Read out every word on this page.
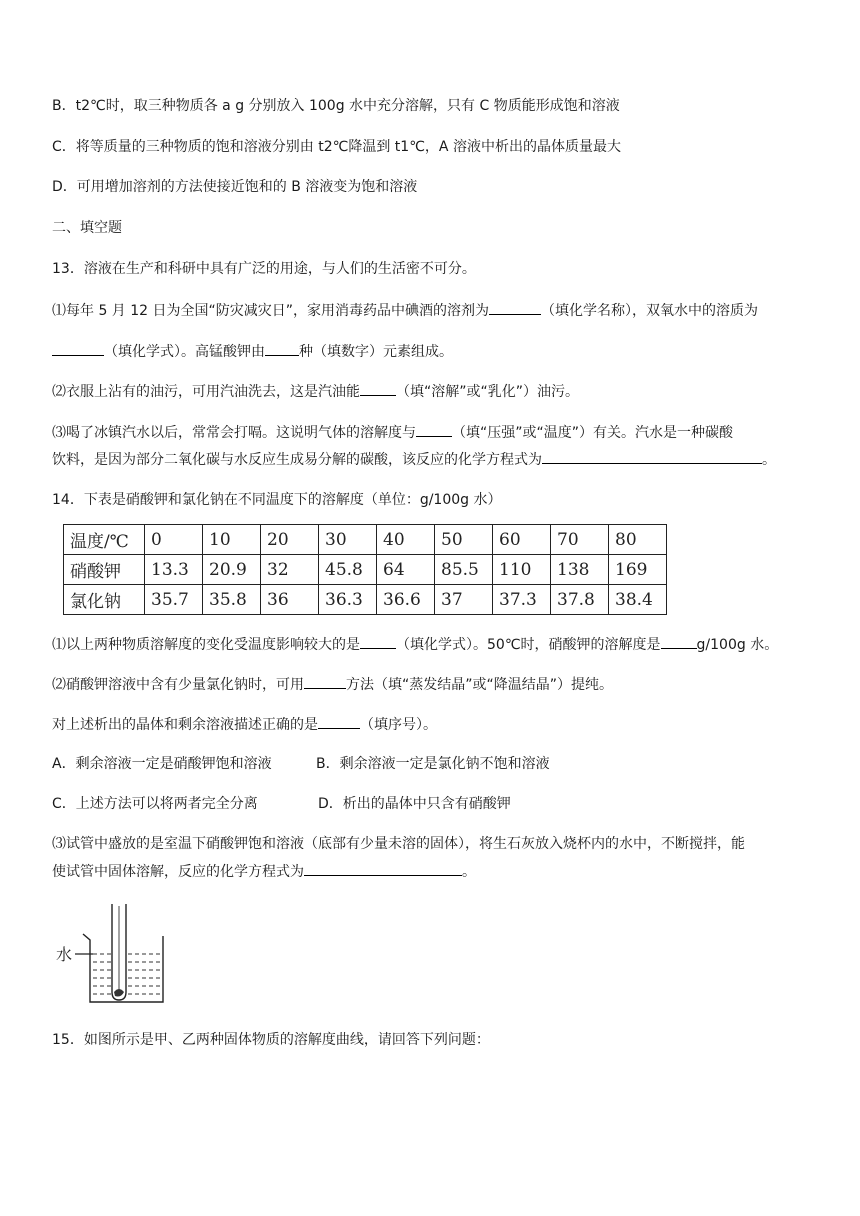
B．t2℃时，取三种物质各 a g 分别放入 100g 水中充分溶解，只有 C 物质能形成饱和溶液
C．将等质量的三种物质的饱和溶液分别由 t2℃降温到 t1℃，A 溶液中析出的晶体质量最大
D．可用增加溶剂的方法使接近饱和的 B 溶液变为饱和溶液
二、填空题
13．溶液在生产和科研中具有广泛的用途，与人们的生活密不可分。
⑴每年 5 月 12 日为全国“防灾减灾日”，家用消毒药品中碘酒的溶剂为	（填化学名称），双氧水中的溶质为
（填化学式）。高锰酸钾由 种（填数字）元素组成。
⑵衣服上沾有的油污，可用汽油洗去，这是汽油能	（填“溶解”或“乳化”）油污。
⑶喝了冰镇汽水以后，常常会打嗝。这说明气体的溶解度与	（填“压强”或“温度”）有关。汽水是一种碳酸
饮料，是因为部分二氧化碳与水反应生成易分解的碳酸，该反应的化学方程式为	。
14．下表是硝酸钾和氯化钠在不同温度下的溶解度（单位：g/100g 水）
温度/℃	0	10	20	30	40	50	60	70	80
硝酸钾	13.3	20.9	32	45.8	64	85.5	110	138	169
氯化钠	35.7	35.8	36	36.3	36.6	37	37.3	37.8	38.4
⑴以上两种物质溶解度的变化受温度影响较大的是	（填化学式）。50℃时，硝酸钾的溶解度是	g/100g 水。
⑵硝酸钾溶液中含有少量氯化钠时，可用	方法（填“蒸发结晶”或“降温结晶”）提纯。
对上述析出的晶体和剩余溶液描述正确的是	（填序号）。
A．剩余溶液一定是硝酸钾饱和溶液	B．剩余溶液一定是氯化钠不饱和溶液
C．上述方法可以将两者完全分离	D．析出的晶体中只含有硝酸钾
⑶试管中盛放的是室温下硝酸钾饱和溶液（底部有少量未溶的固体），将生石灰放入烧杯内的水中，不断搅拌，能
使试管中固体溶解，反应的化学方程式为	。
水
15．如图所示是甲、乙两种固体物质的溶解度曲线，请回答下列问题：
